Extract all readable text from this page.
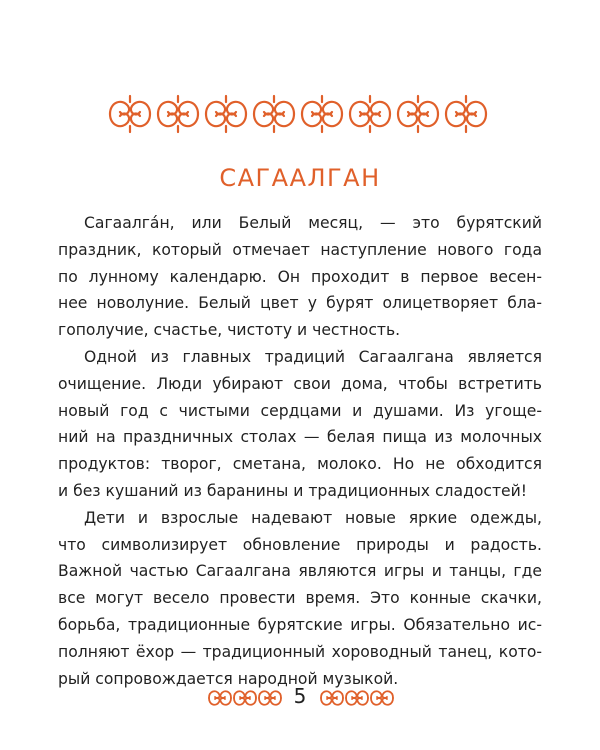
САГААЛГАН
Сагаалга́н, или Белый месяц, — это бурятский
праздник, который отмечает наступление нового года
по лунному календарю. Он проходит в первое весен-
нее новолуние. Белый цвет у бурят олицетворяет бла-
гополучие, счастье, чистоту и честность.
Одной из главных традиций Сагаалгана является
очищение. Люди убирают свои дома, чтобы встретить
новый год с чистыми сердцами и душами. Из угоще-
ний на праздничных столах — белая пища из молочных
продуктов: творог, сметана, молоко. Но не обходится
и без кушаний из баранины и традиционных сладостей!
Дети и взрослые надевают новые яркие одежды,
что символизирует обновление природы и радость.
Важной частью Сагаалгана являются игры и танцы, где
все могут весело провести время. Это конные скачки,
борьба, традиционные бурятские игры. Обязательно ис-
полняют ёхор — традиционный хороводный танец, кото-
рый сопровождается народной музыкой.
5
